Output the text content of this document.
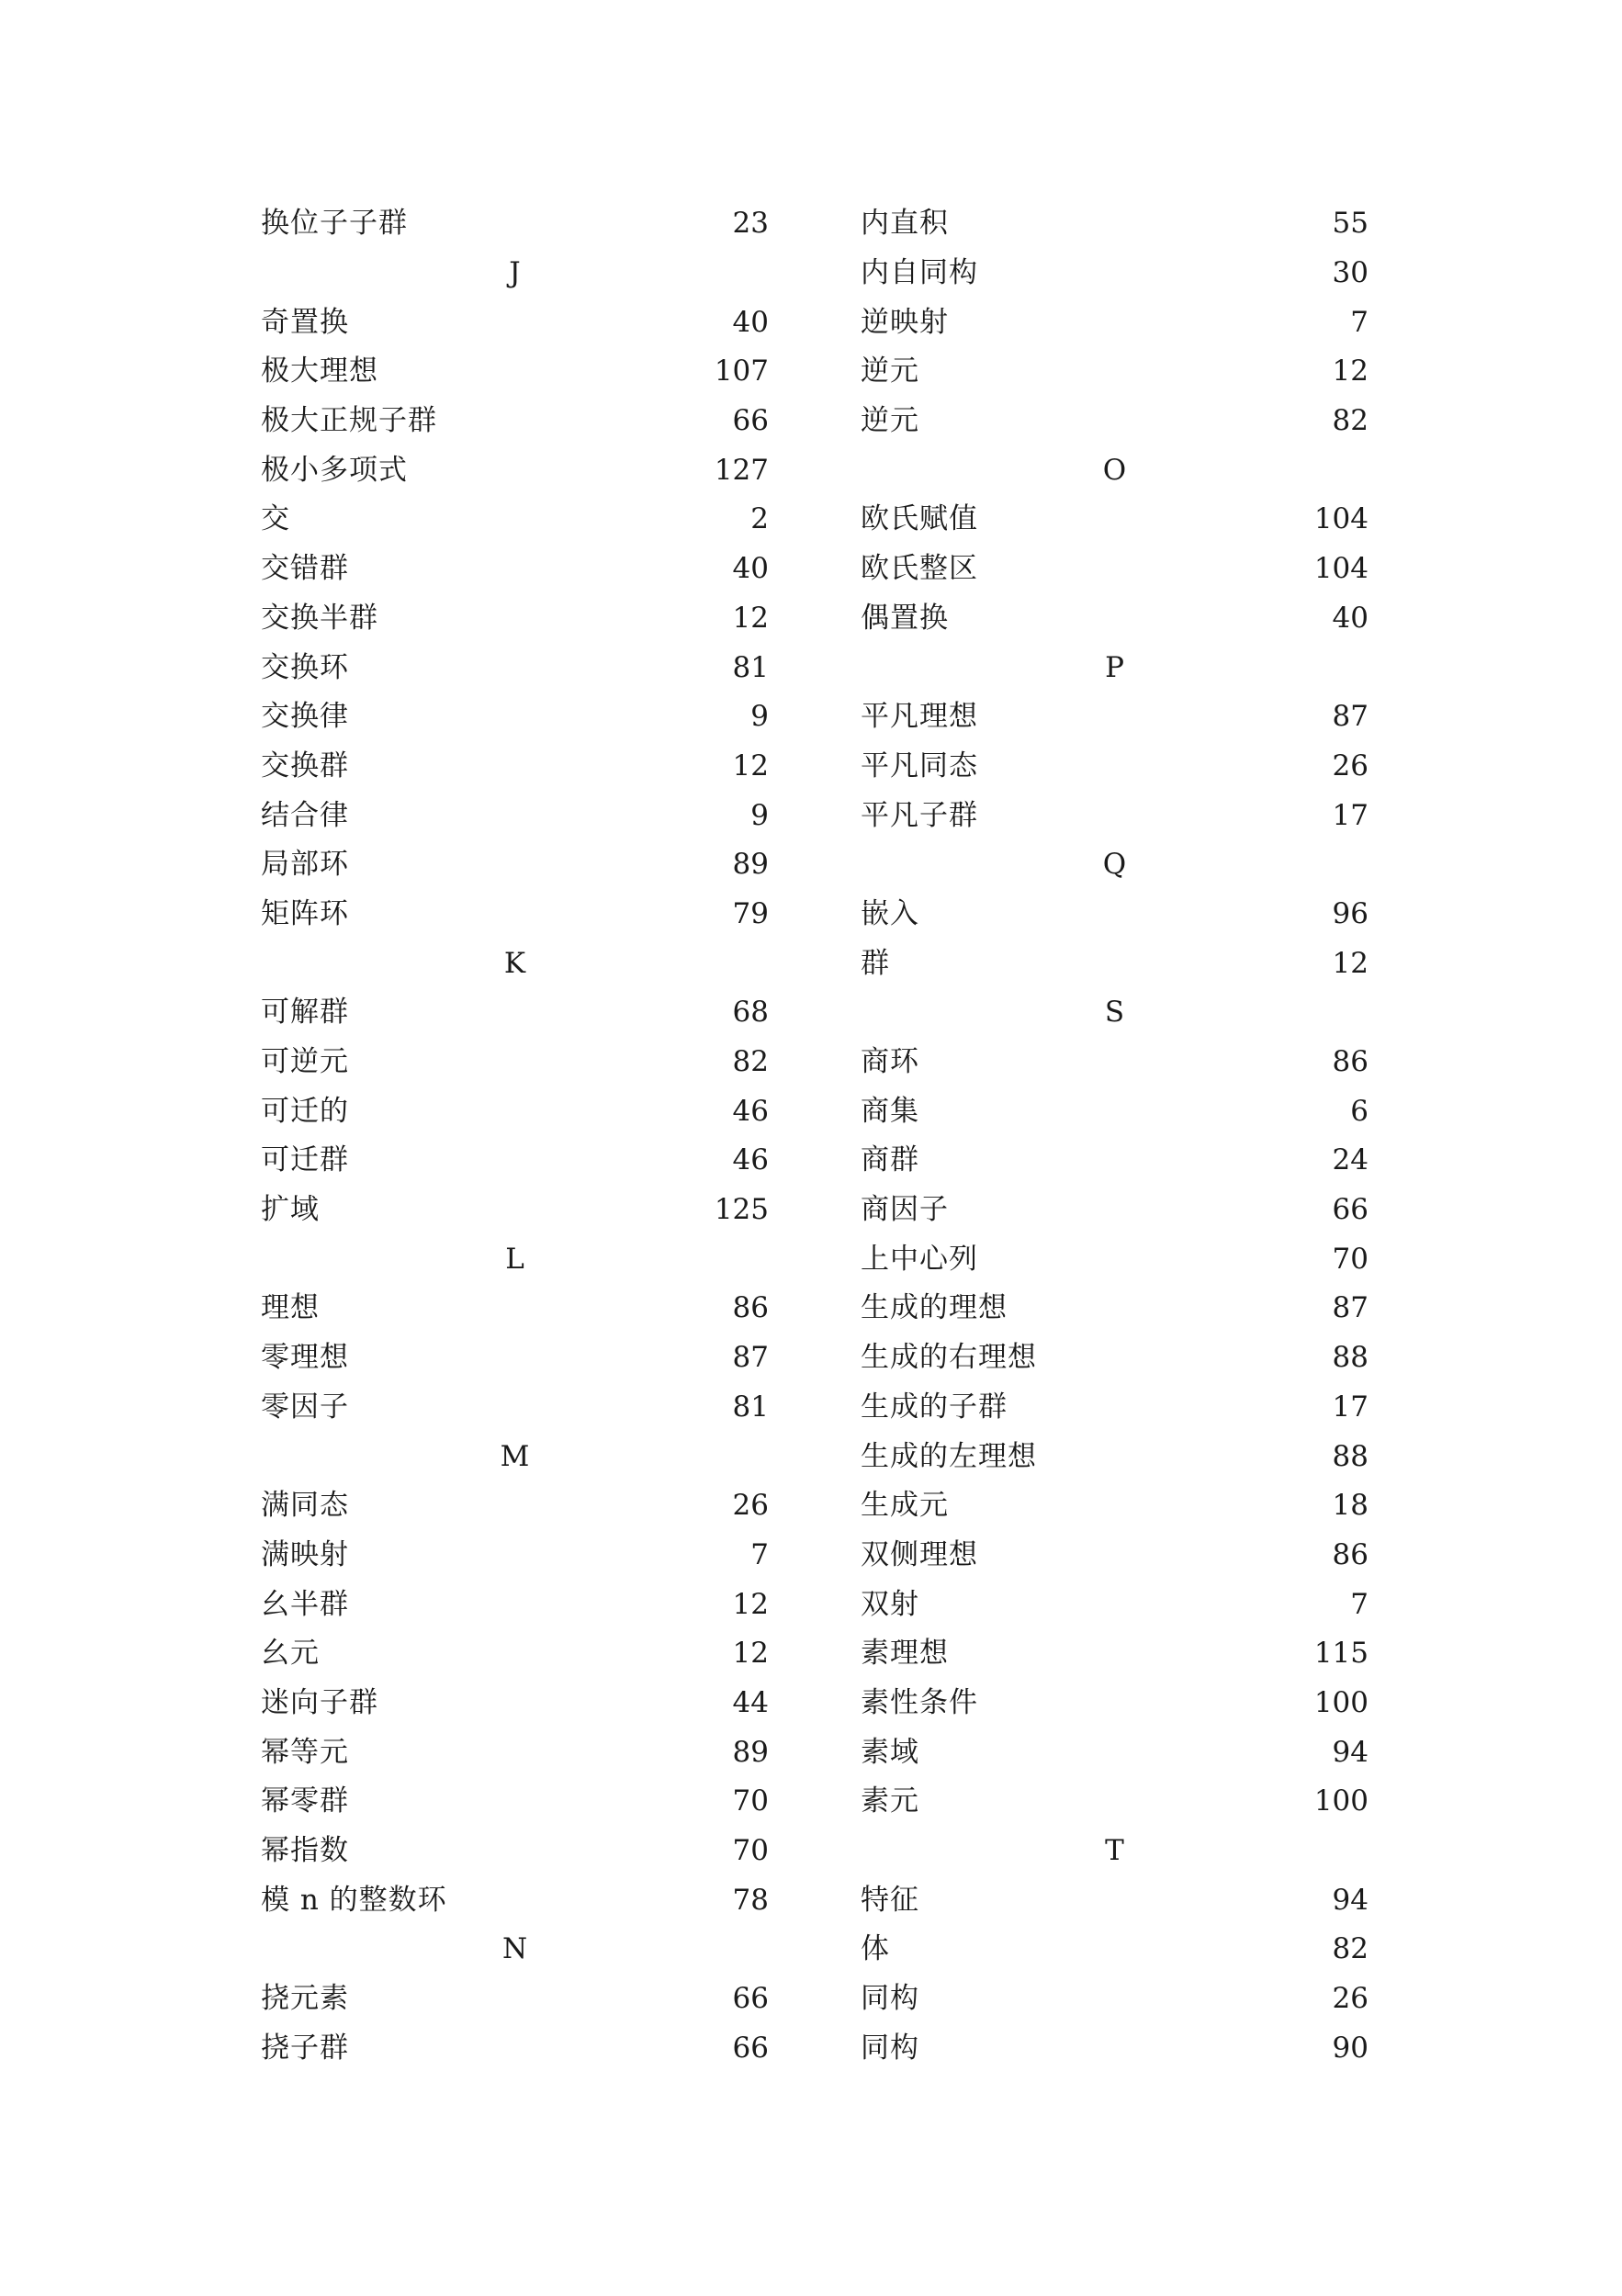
换位子子群	23
J
奇置换	40
极大理想	107
极大正规子群	66
极小多项式	127
交	2
交错群	40
交换半群	12
交换环	81
交换律	9
交换群	12
结合律	9
局部环	89
矩阵环	79
K
可解群	68
可逆元	82
可迁的	46
可迁群	46
扩域	125
L
理想	86
零理想	87
零因子	81
M
满同态	26
满映射	7
幺半群	12
幺元	12
迷向子群	44
幂等元	89
幂零群	70
幂指数	70
模 n 的整数环	78
N
挠元素	66
挠子群	66
内直积	55
内自同构	30
逆映射	7
逆元	12
逆元	82
O
欧氏赋值	104
欧氏整区	104
偶置换	40
P
平凡理想	87
平凡同态	26
平凡子群	17
Q
嵌入	96
群	12
S
商环	86
商集	6
商群	24
商因子	66
上中心列	70
生成的理想	87
生成的右理想	88
生成的子群	17
生成的左理想	88
生成元	18
双侧理想	86
双射	7
素理想	115
素性条件	100
素域	94
素元	100
T
特征	94
体	82
同构	26
同构	90
